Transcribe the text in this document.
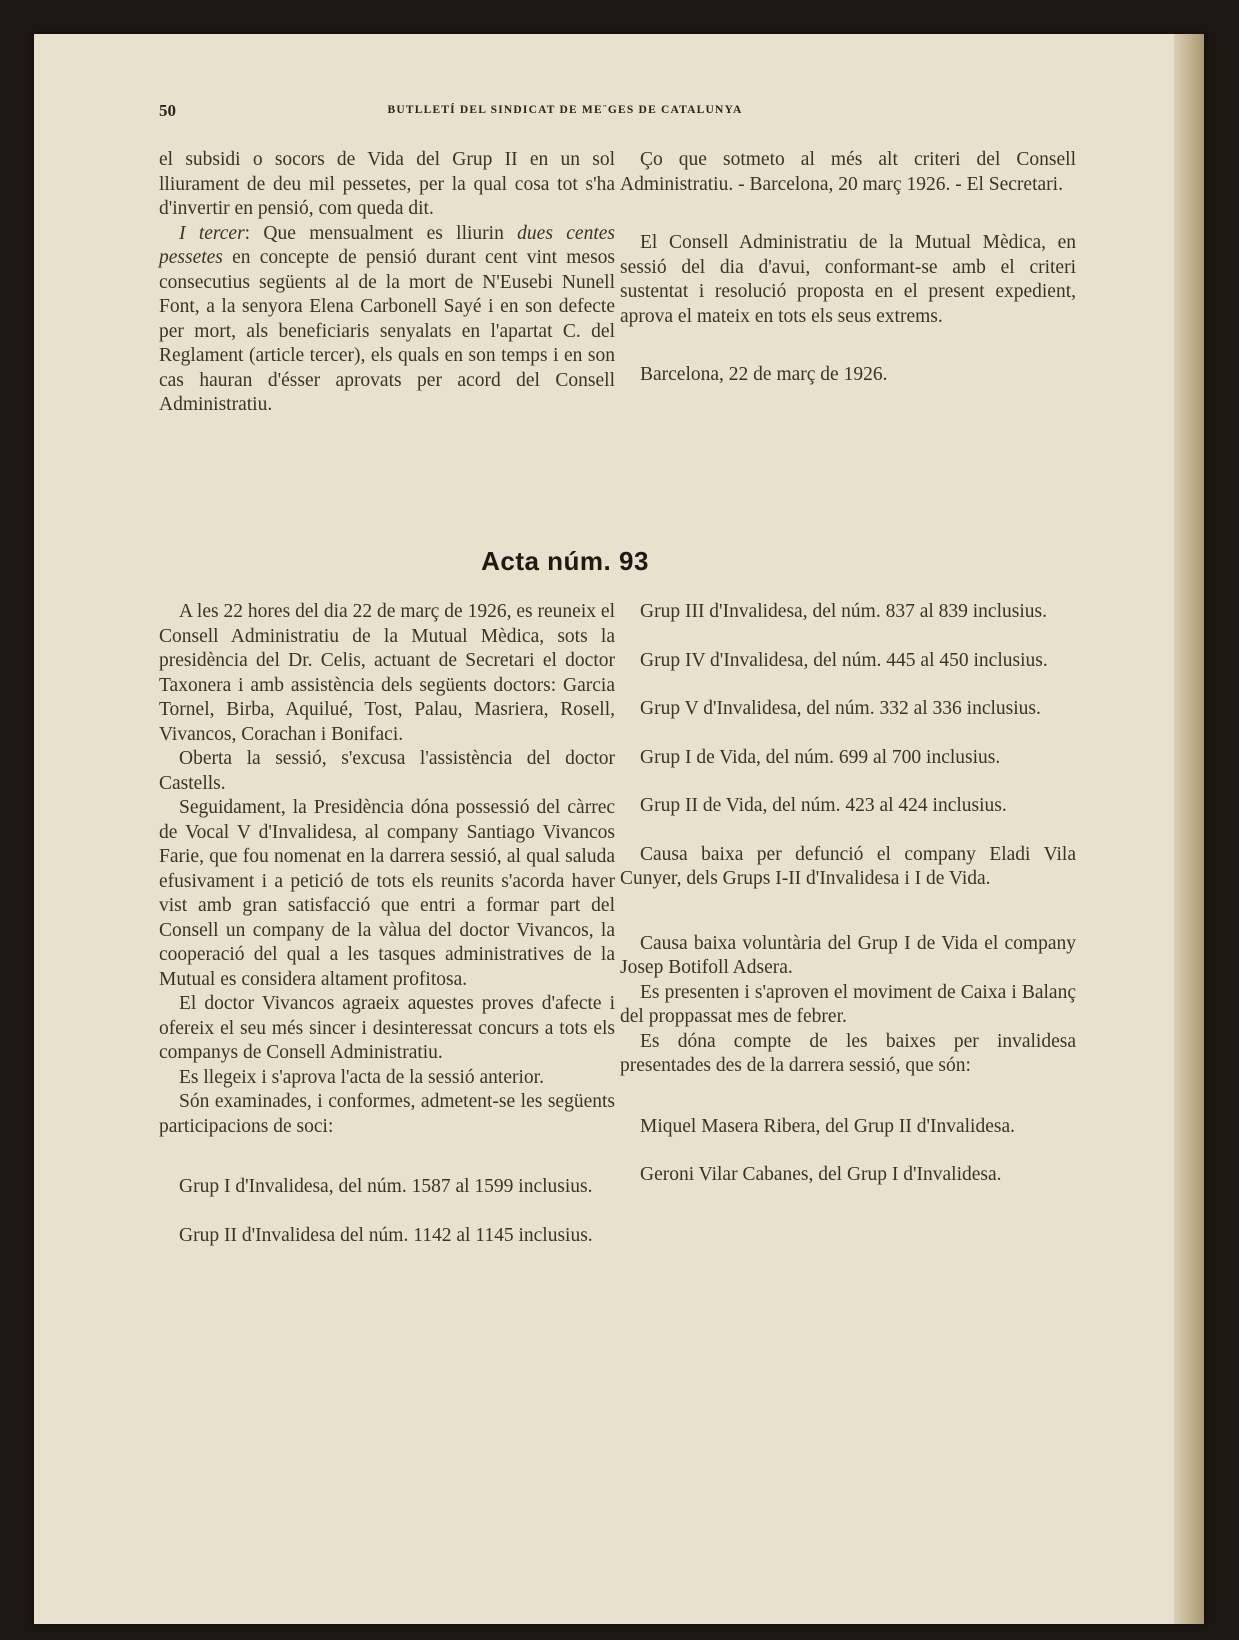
50	BUTLLETÍ DEL SINDICAT DE ME¨GES DE CATALUNYA

el subsidi o socors de Vida del Grup II en un sol lliurament de deu mil pessetes, per la qual cosa tot s'ha d'invertir en pensió, com queda dit.

I tercer: Que mensualment es lliurin dues centes pessetes en concepte de pensió durant cent vint mesos consecutius següents al de la mort de N'Eusebi Nunell Font, a la senyora Elena Carbonell Sayé i en son defecte per mort, als beneficiaris senyalats en l'apartat C. del Reglament (article tercer), els quals en son temps i en son cas hauran d'ésser aprovats per acord del Consell Administratiu.

Ço que sotmeto al més alt criteri del Consell Administratiu. - Barcelona, 20 març 1926. - El Secretari.

El Consell Administratiu de la Mutual Mèdica, en sessió del dia d'avui, conformant-se amb el criteri sustentat i resolució proposta en el present expedient, aprova el mateix en tots els seus extrems.

Barcelona, 22 de març de 1926.

Acta núm. 93

A les 22 hores del dia 22 de març de 1926, es reuneix el Consell Administratiu de la Mutual Mèdica, sots la presidència del Dr. Celis, actuant de Secretari el doctor Taxonera i amb assistència dels següents doctors: Garcia Tornel, Birba, Aquilué, Tost, Palau, Masriera, Rosell, Vivancos, Corachan i Bonifaci.

Oberta la sessió, s'excusa l'assistència del doctor Castells.

Seguidament, la Presidència dóna possessió del càrrec de Vocal V d'Invalidesa, al company Santiago Vivancos Farie, que fou nomenat en la darrera sessió, al qual saluda efusivament i a petició de tots els reunits s'acorda haver vist amb gran satisfacció que entri a formar part del Consell un company de la vàlua del doctor Vivancos, la cooperació del qual a les tasques administratives de la Mutual es considera altament profitosa.

El doctor Vivancos agraeix aquestes proves d'afecte i ofereix el seu més sincer i desinteressat concurs a tots els companys de Consell Administratiu.

Es llegeix i s'aprova l'acta de la sessió anterior.

Són examinades, i conformes, admetent-se les següents participacions de soci:

Grup I d'Invalidesa, del núm. 1587 al 1599 inclusius.

Grup II d'Invalidesa del núm. 1142 al 1145 inclusius.

Grup III d'Invalidesa, del núm. 837 al 839 inclusius.

Grup IV d'Invalidesa, del núm. 445 al 450 inclusius.

Grup V d'Invalidesa, del núm. 332 al 336 inclusius.

Grup I de Vida, del núm. 699 al 700 inclusius.

Grup II de Vida, del núm. 423 al 424 inclusius.

Causa baixa per defunció el company Eladi Vila Cunyer, dels Grups I-II d'Invalidesa i I de Vida.

Causa baixa voluntària del Grup I de Vida el company Josep Botifoll Adsera.

Es presenten i s'aproven el moviment de Caixa i Balanç del proppassat mes de febrer.

Es dóna compte de les baixes per invalidesa presentades des de la darrera sessió, que són:

Miquel Masera Ribera, del Grup II d'Invalidesa.

Geroni Vilar Cabanes, del Grup I d'Invalidesa.
